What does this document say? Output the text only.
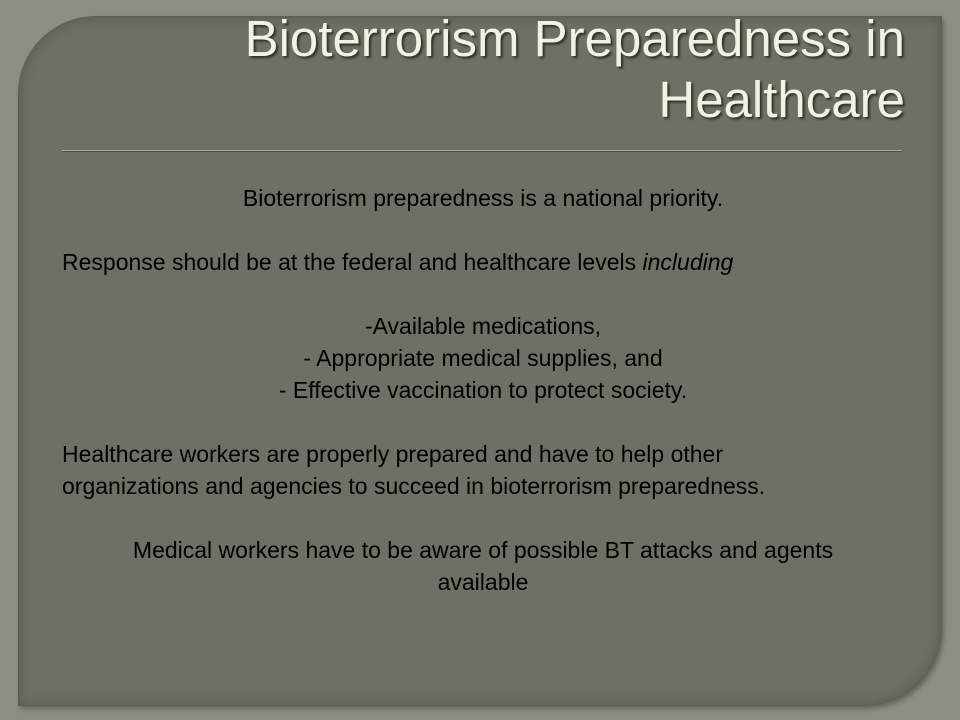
Bioterrorism Preparedness in
Healthcare

Bioterrorism preparedness is a national priority.

Response should be at the federal and healthcare levels including

-Available medications,

- Appropriate medical supplies, and

- Effective vaccination to protect society.

Healthcare workers are properly prepared and have to help other

organizations and agencies to succeed in bioterrorism preparedness.

Medical workers have to be aware of possible BT attacks and agents

available
